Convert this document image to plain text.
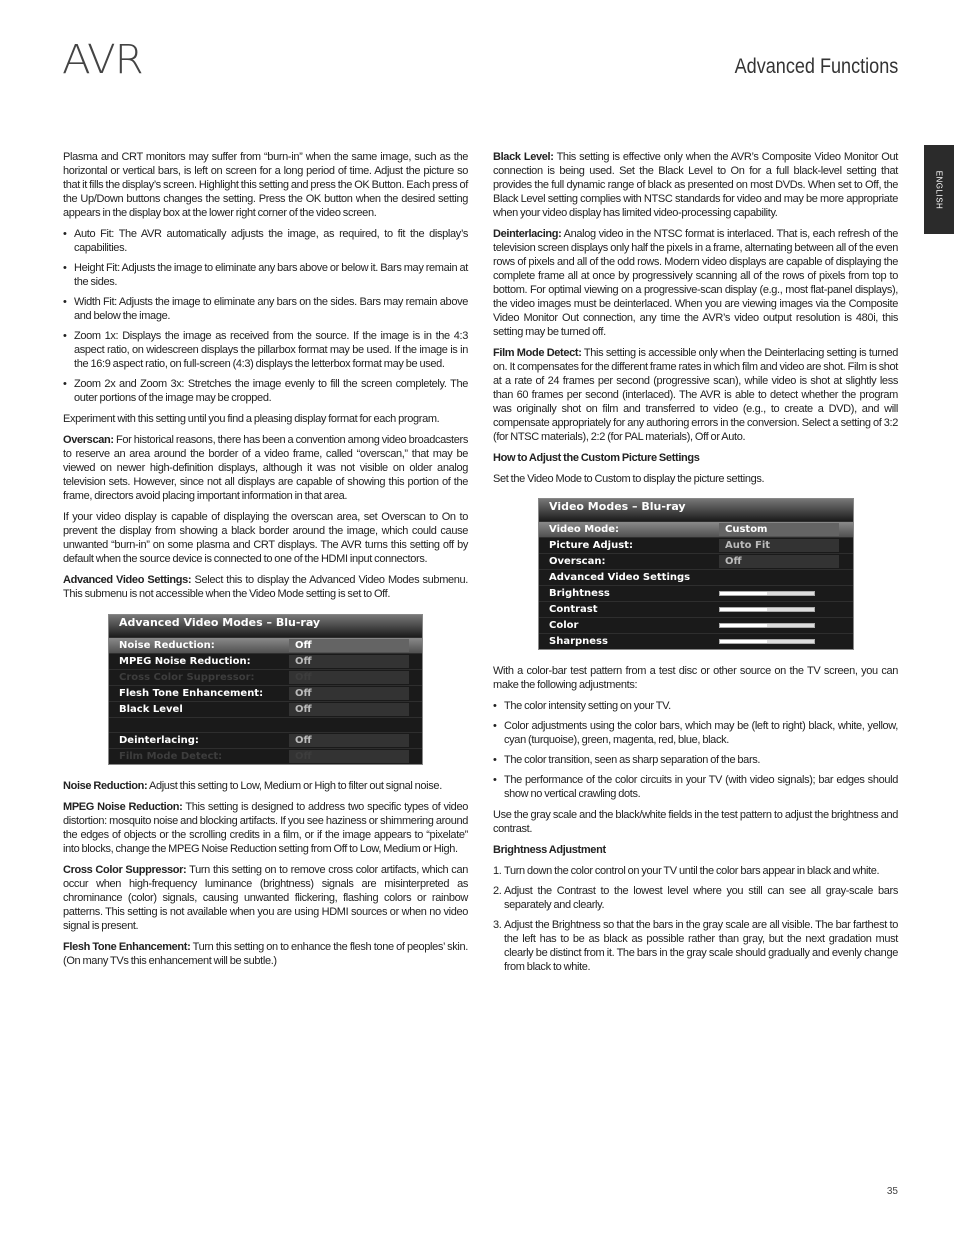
AVR	Advanced Functions
ENGLISH

Plasma and CRT monitors may suffer from “burn-in” when the same image, such as the horizontal or vertical bars, is left on screen for a long period of time. Adjust the picture so that it fills the display’s screen. Highlight this setting and press the OK Button. Each press of the Up/Down buttons changes the setting. Press the OK button when the desired setting appears in the display box at the lower right corner of the video screen.

• Auto Fit: The AVR automatically adjusts the image, as required, to fit the display’s capabilities.
• Height Fit: Adjusts the image to eliminate any bars above or below it. Bars may remain at the sides.
• Width Fit: Adjusts the image to eliminate any bars on the sides. Bars may remain above and below the image.
• Zoom 1x: Displays the image as received from the source. If the image is in the 4:3 aspect ratio, on widescreen displays the pillarbox format may be used. If the image is in the 16:9 aspect ratio, on full-screen (4:3) displays the letterbox format may be used.
• Zoom 2x and Zoom 3x: Stretches the image evenly to fill the screen completely. The outer portions of the image may be cropped.

Experiment with this setting until you find a pleasing display format for each program.

Overscan: For historical reasons, there has been a convention among video broadcasters to reserve an area around the border of a video frame, called “overscan,” that may be viewed on newer high-definition displays, although it was not visible on older analog television sets. However, since not all displays are capable of showing this portion of the frame, directors avoid placing important information in that area.

If your video display is capable of displaying the overscan area, set Overscan to On to prevent the display from showing a black border around the image, which could cause unwanted “burn-in” on some plasma and CRT displays. The AVR turns this setting off by default when the source device is connected to one of the HDMI input connectors.

Advanced Video Settings: Select this to display the Advanced Video Modes submenu. This submenu is not accessible when the Video Mode setting is set to Off.

Advanced Video Modes – Blu-ray
Noise Reduction:	Off
MPEG Noise Reduction:	Off
Cross Color Suppressor:	Off
Flesh Tone Enhancement:	Off
Black Level	Off
Deinterlacing:	Off
Film Mode Detect:	Off

Noise Reduction: Adjust this setting to Low, Medium or High to filter out signal noise.

MPEG Noise Reduction: This setting is designed to address two specific types of video distortion: mosquito noise and blocking artifacts. If you see haziness or shimmering around the edges of objects or the scrolling credits in a film, or if the image appears to “pixelate” into blocks, change the MPEG Noise Reduction setting from Off to Low, Medium or High.

Cross Color Suppressor: Turn this setting on to remove cross color artifacts, which can occur when high-frequency luminance (brightness) signals are misinterpreted as chrominance (color) signals, causing unwanted flickering, flashing colors or rainbow patterns. This setting is not available when you are using HDMI sources or when no video signal is present.

Flesh Tone Enhancement: Turn this setting on to enhance the flesh tone of peoples’ skin. (On many TVs this enhancement will be subtle.)

Black Level: This setting is effective only when the AVR’s Composite Video Monitor Out connection is being used. Set the Black Level to On for a full black-level setting that provides the full dynamic range of black as presented on most DVDs. When set to Off, the Black Level setting complies with NTSC standards for video and may be more appropriate when your video display has limited video-processing capability.

Deinterlacing: Analog video in the NTSC format is interlaced. That is, each refresh of the television screen displays only half the pixels in a frame, alternating between all of the even rows of pixels and all of the odd rows. Modern video displays are capable of displaying the complete frame all at once by progressively scanning all of the rows of pixels from top to bottom. For optimal viewing on a progressive-scan display (e.g., most flat-panel displays), the video images must be deinterlaced. When you are viewing images via the Composite Video Monitor Out connection, any time the AVR’s video output resolution is 480i, this setting may be turned off.

Film Mode Detect: This setting is accessible only when the Deinterlacing setting is turned on. It compensates for the different frame rates in which film and video are shot. Film is shot at a rate of 24 frames per second (progressive scan), while video is shot at slightly less than 60 frames per second (interlaced). The AVR is able to detect whether the program was originally shot on film and transferred to video (e.g., to create a DVD), and will compensate appropriately for any authoring errors in the conversion. Select a setting of 3:2 (for NTSC materials), 2:2 (for PAL materials), Off or Auto.

How to Adjust the Custom Picture Settings

Set the Video Mode to Custom to display the picture settings.

Video Modes – Blu-ray
Video Mode:	Custom
Picture Adjust:	Auto Fit
Overscan:	Off
Advanced Video Settings
Brightness
Contrast
Color
Sharpness

With a color-bar test pattern from a test disc or other source on the TV screen, you can make the following adjustments:

• The color intensity setting on your TV.
• Color adjustments using the color bars, which may be (left to right) black, white, yellow, cyan (turquoise), green, magenta, red, blue, black.
• The color transition, seen as sharp separation of the bars.
• The performance of the color circuits in your TV (with video signals); bar edges should show no vertical crawling dots.

Use the gray scale and the black/white fields in the test pattern to adjust the brightness and contrast.

Brightness Adjustment

1. Turn down the color control on your TV until the color bars appear in black and white.
2. Adjust the Contrast to the lowest level where you still can see all gray-scale bars separately and clearly.
3. Adjust the Brightness so that the bars in the gray scale are all visible. The bar farthest to the left has to be as black as possible rather than gray, but the next gradation must clearly be distinct from it. The bars in the gray scale should gradually and evenly change from black to white.
35
